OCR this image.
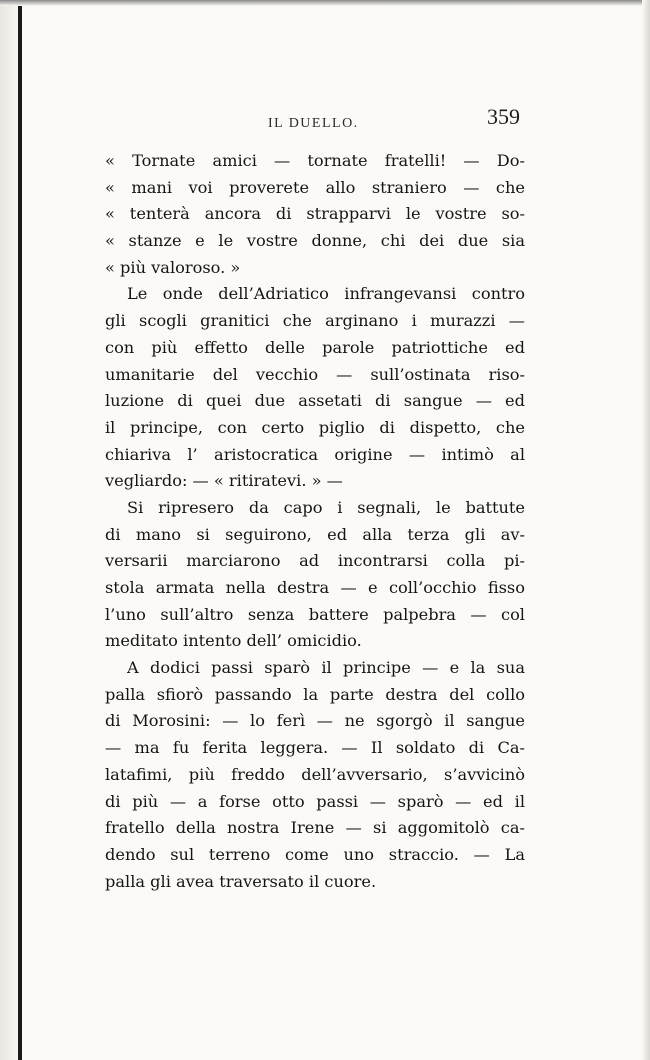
IL DUELLO.	359
« Tornate amici — tornate fratelli! — Do-
« mani voi proverete allo straniero — che
« tenterà ancora di strapparvi le vostre so-
« stanze e le vostre donne, chi dei due sia
« più valoroso. »
Le onde dell’Adriatico infrangevansi contro
gli scogli granitici che arginano i murazzi —
con più effetto delle parole patriottiche ed
umanitarie del vecchio — sull’ostinata riso-
luzione di quei due assetati di sangue — ed
il principe, con certo piglio di dispetto, che
chiariva l’ aristocratica origine — intimò al
vegliardo: — « ritiratevi. » —
Si ripresero da capo i segnali, le battute
di mano si seguirono, ed alla terza gli av-
versarii marciarono ad incontrarsi colla pi-
stola armata nella destra — e coll’occhio fisso
l’uno sull’altro senza battere palpebra — col
meditato intento dell’ omicidio.
A dodici passi sparò il principe — e la sua
palla sfiorò passando la parte destra del collo
di Morosini: — lo ferì — ne sgorgò il sangue
— ma fu ferita leggera. — Il soldato di Ca-
latafimi, più freddo dell’avversario, s’avvicinò
di più — a forse otto passi — sparò — ed il
fratello della nostra Irene — si aggomitolò ca-
dendo sul terreno come uno straccio. — La
palla gli avea traversato il cuore.
